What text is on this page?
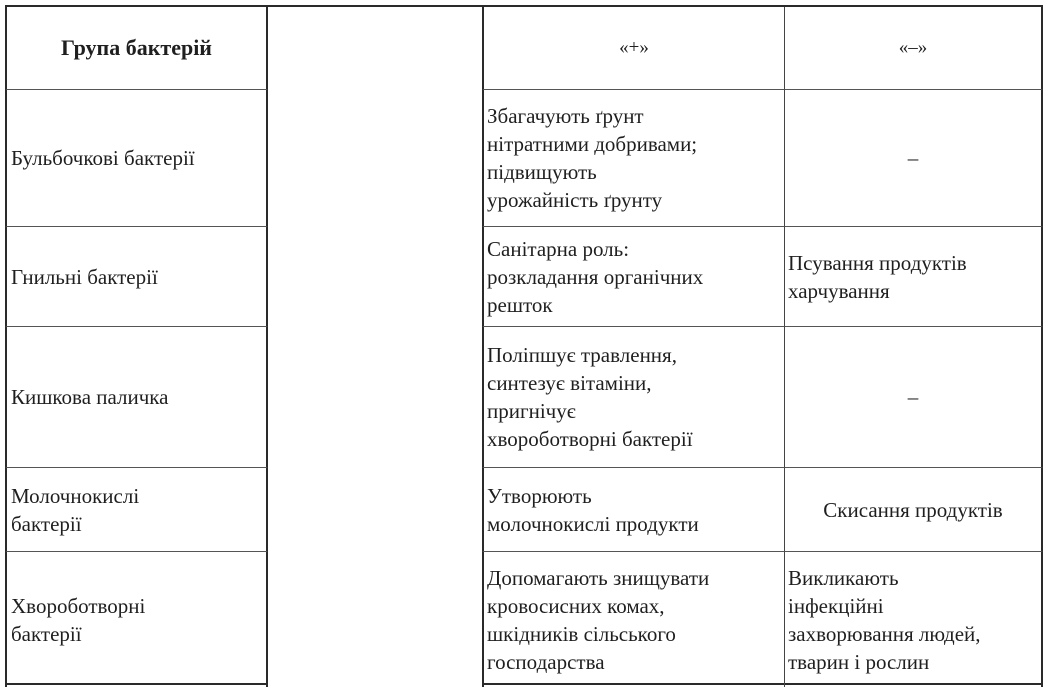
Група бактерій	«+»	«–»
Бульбочкові бактерії
Збагачують ґрунт
нітратними добривами;
підвищують
урожайність ґрунту
–
Гнильні бактерії
Санітарна роль:
розкладання органічних
решток
Псування продуктів
харчування
Кишкова паличка
Поліпшує травлення,
синтезує вітаміни,
пригнічує
хвороботворні бактерії
–
Молочнокислі
бактерії
Утворюють
молочнокислі продукти
Скисання продуктів
Хвороботворні
бактерії
Допомагають знищувати
кровосисних комах,
шкідників сільського
господарства
Викликають
інфекційні
захворювання людей,
тварин і рослин
